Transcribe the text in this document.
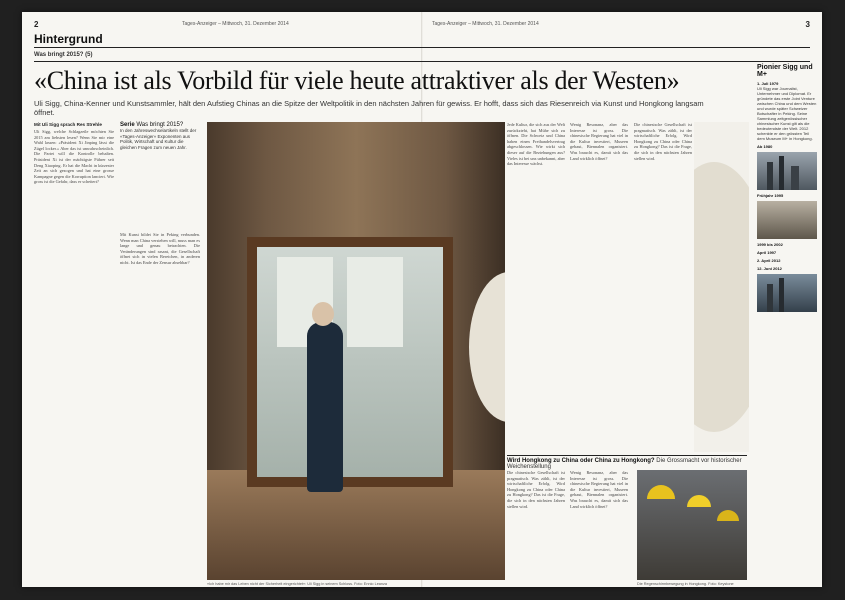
2	3
Tages-Anzeiger – Mittwoch, 31. Dezember 2014	Tages-Anzeiger – Mittwoch, 31. Dezember 2014
Hintergrund
Was bringt 2015? (5)
«China ist als Vorbild für viele heute attraktiver als der Westen»
Uli Sigg, China-Kenner und Kunstsammler, hält den Aufstieg Chinas an die Spitze der Weltpolitik in den nächsten Jahren für gewiss. Er hofft, dass sich das Riesenreich via Kunst und Hongkong langsam öffnet.
Mit Uli Sigg sprach Res Strehle

Uli Sigg, welche Schlagzeile möchten Sie 2015 am liebsten lesen? Wenn Sie mir eine Wahl lassen: «Präsident Xi Jinping lässt die Zügel locker.» Aber das ist unwahrscheinlich. Die Partei will die Kontrolle behalten. Präsident Xi ist der mächtigste Führer seit Deng Xiaoping. Er hat die Macht in kürzester Zeit an sich gezogen und hat eine grosse Kampagne gegen die Korruption lanciert. Wie gross ist die Gefahr, dass er scheitert?

Serie Was bringt 2015?
In den Jahreswechselartikeln stellt der «Tages-Anzeiger» Exponenten aus Politik, Wirtschaft und Kultur die gleichen Fragen zum neuen Jahr.

Mit Kunst bildet Sie in Peking verbunden. Wenn man China verstehen will, muss man es lange und genau betrachten. Die Veränderungen sind rasant, die Gesellschaft öffnet sich in vielen Bereichen, in anderen nicht. Ist das Ende der Zensur absehbar?

«Ich habe mir das Leben nicht der Sicherheit eingerichtet»: Uli Sigg in seinem Schloss. Foto: Ennio Leanza

Jede Kultur, die sich aus der Welt zurückzieht, hat Mühe sich zu öffnen. Die Schweiz und China haben einen Freihandelsvertrag abgeschlossen. Wie wirkt sich dieser auf die Beziehungen aus? Vieles ist bei uns unbekannt, aber das Interesse wächst.

Wenig Resonanz, aber das Interesse ist gross. Die chinesische Regierung hat viel in die Kultur investiert, Museen gebaut, Biennalen organisiert. Was braucht es, damit sich das Land wirklich öffnet?

Die chinesische Gesellschaft ist pragmatisch. Was zählt, ist der wirtschaftliche Erfolg. Wird Hongkong zu China oder China zu Hongkong? Das ist die Frage, die sich in den nächsten Jahren stellen wird.

Wird Hongkong zu China oder China zu Hongkong? Die Grossmacht vor historischer Weichenstellung

Die chinesische Gesellschaft ist pragmatisch. Was zählt, ist der wirtschaftliche Erfolg. Wird Hongkong zu China oder China zu Hongkong? Das ist die Frage, die sich in den nächsten Jahren stellen wird.

Wenig Resonanz, aber das Interesse ist gross. Die chinesische Regierung hat viel in die Kultur investiert, Museen gebaut, Biennalen organisiert. Was braucht es, damit sich das Land wirklich öffnet?

Die Regenschirmbewegung in Hongkong. Foto: Keystone
Pionier Sigg und M+
1. Juli 1979
Uli Sigg war Journalist, Unternehmer und Diplomat. Er gründete das erste Joint Venture zwischen China und dem Westen und wurde später Schweizer Botschafter in Peking. Seine Sammlung zeitgenössischer chinesischer Kunst gilt als die bedeutendste der Welt. 2012 schenkte er den grössten Teil dem Museum M+ in Hongkong.
Ab 1980
Frühjahr 1995
1999 bis 2002
April 1997
2. April 2012
12. Juni 2012
